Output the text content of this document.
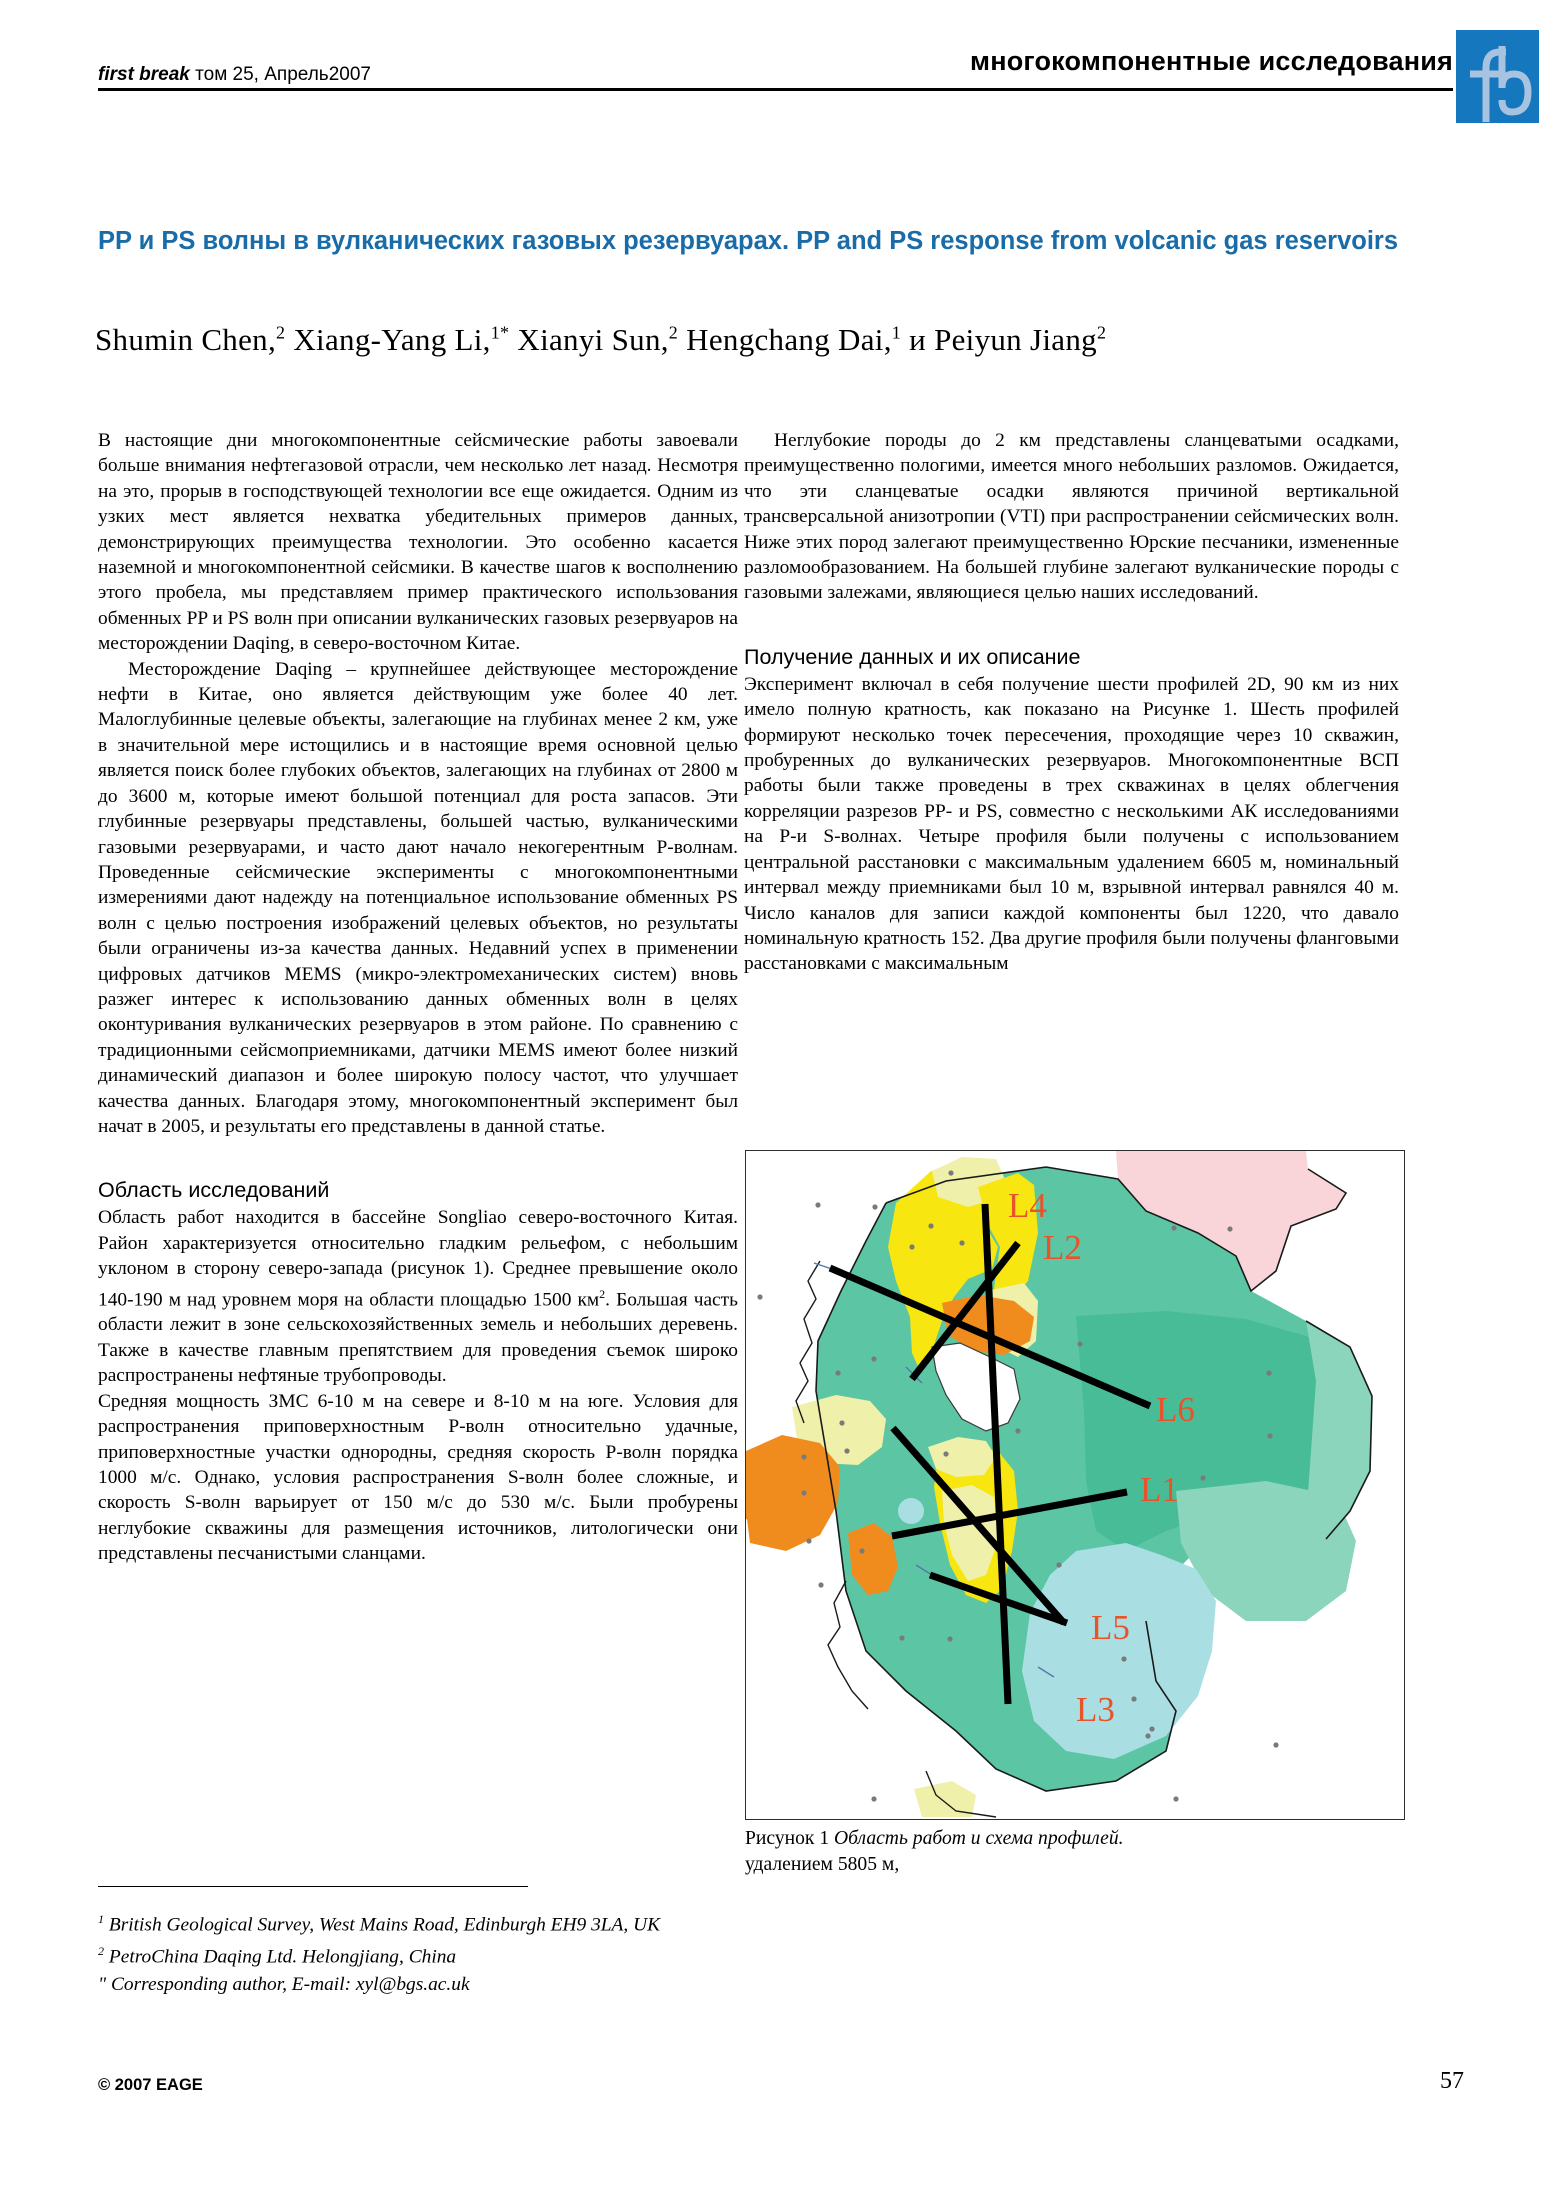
first break том 25, Апрель2007	многокомпонентные исследования
PP и PS волны в вулканических газовых резервуарах. PP and PS response from volcanic gas reservoirs
Shumin Chen,$^2$ Xiang-Yang Li,$^{1*}$ Xianyi Sun,$^2$ Hengchang Dai,$^1$ и Peiyun Jiang$^2$

В настоящие дни многокомпонентные сейсмические работы завоевали больше внимания нефтегазовой отрасли, чем несколько лет назад. Несмотря на это, прорыв в господствующей технологии все еще ожидается. Одним из узких мест является нехватка убедительных примеров данных, демонстрирующих преимущества технологии. Это особенно касается наземной и многокомпонентной сейсмики. В качестве шагов к восполнению этого пробела, мы представляем пример практического использования обменных PP и PS волн при описании вулканических газовых резервуаров на месторождении Daqing, в северо-восточном Китае.

Месторождение Daqing – крупнейшее действующее месторождение нефти в Китае, оно является действующим уже более 40 лет. Малоглубинные целевые объекты, залегающие на глубинах менее 2 км, уже в значительной мере истощились и в настоящие время основной целью является поиск более глубоких объектов, залегающих на глубинах от 2800 м до 3600 м, которые имеют большой потенциал для роста запасов. Эти глубинные резервуары представлены, большей частью, вулканическими газовыми резервуарами, и часто дают начало некогерентным Р-волнам. Проведенные сейсмические эксперименты с многокомпонентными измерениями дают надежду на потенциальное использование обменных PS волн с целью построения изображений целевых объектов, но результаты были ограничены из-за качества данных. Недавний успех в применении цифровых датчиков MEMS (микро-электромеханических систем) вновь разжег интерес к использованию данных обменных волн в целях оконтуривания вулканических резервуаров в этом районе. По сравнению с традиционными сейсмоприемниками, датчики MEMS имеют более низкий динамический диапазон и более широкую полосу частот, что улучшает качества данных. Благодаря этому, многокомпонентный эксперимент был начат в 2005, и результаты его представлены в данной статье.

Область исследований

Область работ находится в бассейне Songliao северо-восточного Китая. Район характеризуется относительно гладким рельефом, с небольшим уклоном в сторону северо-запада (рисунок 1). Среднее превышение около 140-190 м над уровнем моря на области площадью 1500 $км^2$. Большая часть области лежит в зоне сельскохозяйственных земель и небольших деревень. Также в качестве главным препятствием для проведения съемок широко распространены нефтяные трубопроводы.

Средняя мощность ЗМС 6-10 м на севере и 8-10 м на юге. Условия для распространения приповерхностным Р-волн относительно удачные, приповерхностные участки однородны, средняя скорость Р-волн порядка 1000 м/с. Однако, условия распространения S-волн более сложные, и скорость S-волн варьирует от 150 м/с до 530 м/с. Были пробурены неглубокие скважины для размещения источников, литологически они представлены песчанистыми сланцами.

Неглубокие породы до 2 км представлены сланцеватыми осадками, преимущественно пологими, имеется много небольших разломов. Ожидается, что эти сланцеватые осадки являются причиной вертикальной трансверсальной анизотропии (VTI) при распространении сейсмических волн. Ниже этих пород залегают преимущественно Юрские песчаники, измененные разломообразованием. На большей глубине залегают вулканические породы с газовыми залежами, являющиеся целью наших исследований.

Получение данных и их описание

Эксперимент включал в себя получение шести профилей 2D, 90 км из них имело полную кратность, как показано на Рисунке 1. Шесть профилей формируют несколько точек пересечения, проходящие через 10 скважин, пробуренных до вулканических резервуаров. Многокомпонентные ВСП работы были также проведены в трех скважинах в целях облегчения корреляции разрезов PP- и PS, совместно с несколькими АК исследованиями на Р-и S-волнах. Четыре профиля были получены с использованием центральной расстановки с максимальным удалением 6605 м, номинальный интервал между приемниками был 10 м, взрывной интервал равнялся 40 м. Число каналов для записи каждой компоненты был 1220, что давало номинальную кратность 152. Два другие профиля были получены фланговыми расстановками с максимальным

L4
L2
L6
L1
L5
L3
Рисунок 1 Область работ и схема профилей.
удалением 5805 м,
$^1$ British Geological Survey, West Mains Road, Edinburgh EH9 3LA, UK
$^2$ PetroChina Daqing Ltd. Helongjiang, China
" Corresponding author, E-mail: xyl@bgs.ac.uk
© 2007 EAGE	57
